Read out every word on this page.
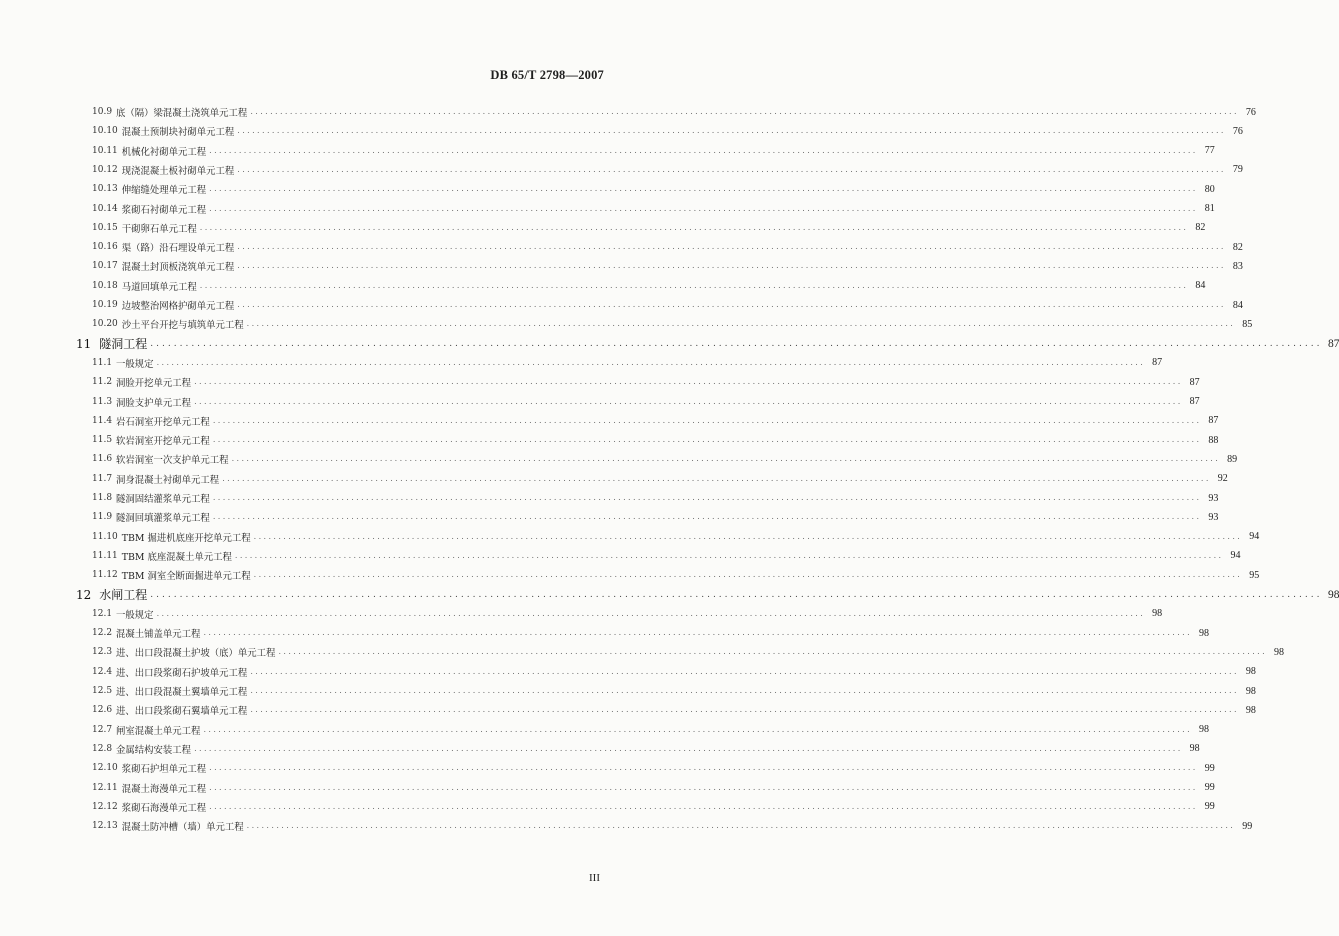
DB 65/T 2798—2007
10.9 底（隔）梁混凝土浇筑单元工程 ........................................................................................................................................................................................................ 76
10.10 混凝土预制块衬砌单元工程 ........................................................................................................................................................................................................ 76
10.11 机械化衬砌单元工程 ........................................................................................................................................................................................................ 77
10.12 现浇混凝土板衬砌单元工程 ........................................................................................................................................................................................................ 79
10.13 伸缩缝处理单元工程 ........................................................................................................................................................................................................ 80
10.14 浆砌石衬砌单元工程 ........................................................................................................................................................................................................ 81
10.15 干砌卵石单元工程 ........................................................................................................................................................................................................ 82
10.16 渠（路）沿石埋设单元工程 ........................................................................................................................................................................................................ 82
10.17 混凝土封顶板浇筑单元工程 ........................................................................................................................................................................................................ 83
10.18 马道回填单元工程 ........................................................................................................................................................................................................ 84
10.19 边坡整治网格护砌单元工程 ........................................................................................................................................................................................................ 84
10.20 沙土平台开挖与填筑单元工程 ........................................................................................................................................................................................................ 85
11 隧洞工程 ........................................................................................................................................................................................................ 87
11.1 一般规定 ........................................................................................................................................................................................................ 87
11.2 洞脸开挖单元工程 ........................................................................................................................................................................................................ 87
11.3 洞脸支护单元工程 ........................................................................................................................................................................................................ 87
11.4 岩石洞室开挖单元工程 ........................................................................................................................................................................................................ 87
11.5 软岩洞室开挖单元工程 ........................................................................................................................................................................................................ 88
11.6 软岩洞室一次支护单元工程 ........................................................................................................................................................................................................ 89
11.7 洞身混凝土衬砌单元工程 ........................................................................................................................................................................................................ 92
11.8 隧洞固结灌浆单元工程 ........................................................................................................................................................................................................ 93
11.9 隧洞回填灌浆单元工程 ........................................................................................................................................................................................................ 93
11.10 TBM 掘进机底座开挖单元工程 ........................................................................................................................................................................................................ 94
11.11 TBM 底座混凝土单元工程 ........................................................................................................................................................................................................ 94
11.12 TBM 洞室全断面掘进单元工程 ........................................................................................................................................................................................................ 95
12 水闸工程 ........................................................................................................................................................................................................ 98
12.1 一般规定 ........................................................................................................................................................................................................ 98
12.2 混凝土铺盖单元工程 ........................................................................................................................................................................................................ 98
12.3 进、出口段混凝土护坡（底）单元工程 ........................................................................................................................................................................................................ 98
12.4 进、出口段浆砌石护坡单元工程 ........................................................................................................................................................................................................ 98
12.5 进、出口段混凝土翼墙单元工程 ........................................................................................................................................................................................................ 98
12.6 进、出口段浆砌石翼墙单元工程 ........................................................................................................................................................................................................ 98
12.7 闸室混凝土单元工程 ........................................................................................................................................................................................................ 98
12.8 金属结构安装工程 ........................................................................................................................................................................................................ 98
12.10 浆砌石护坦单元工程 ........................................................................................................................................................................................................ 99
12.11 混凝土海漫单元工程 ........................................................................................................................................................................................................ 99
12.12 浆砌石海漫单元工程 ........................................................................................................................................................................................................ 99
12.13 混凝土防冲槽（墙）单元工程 ........................................................................................................................................................................................................ 99
III
